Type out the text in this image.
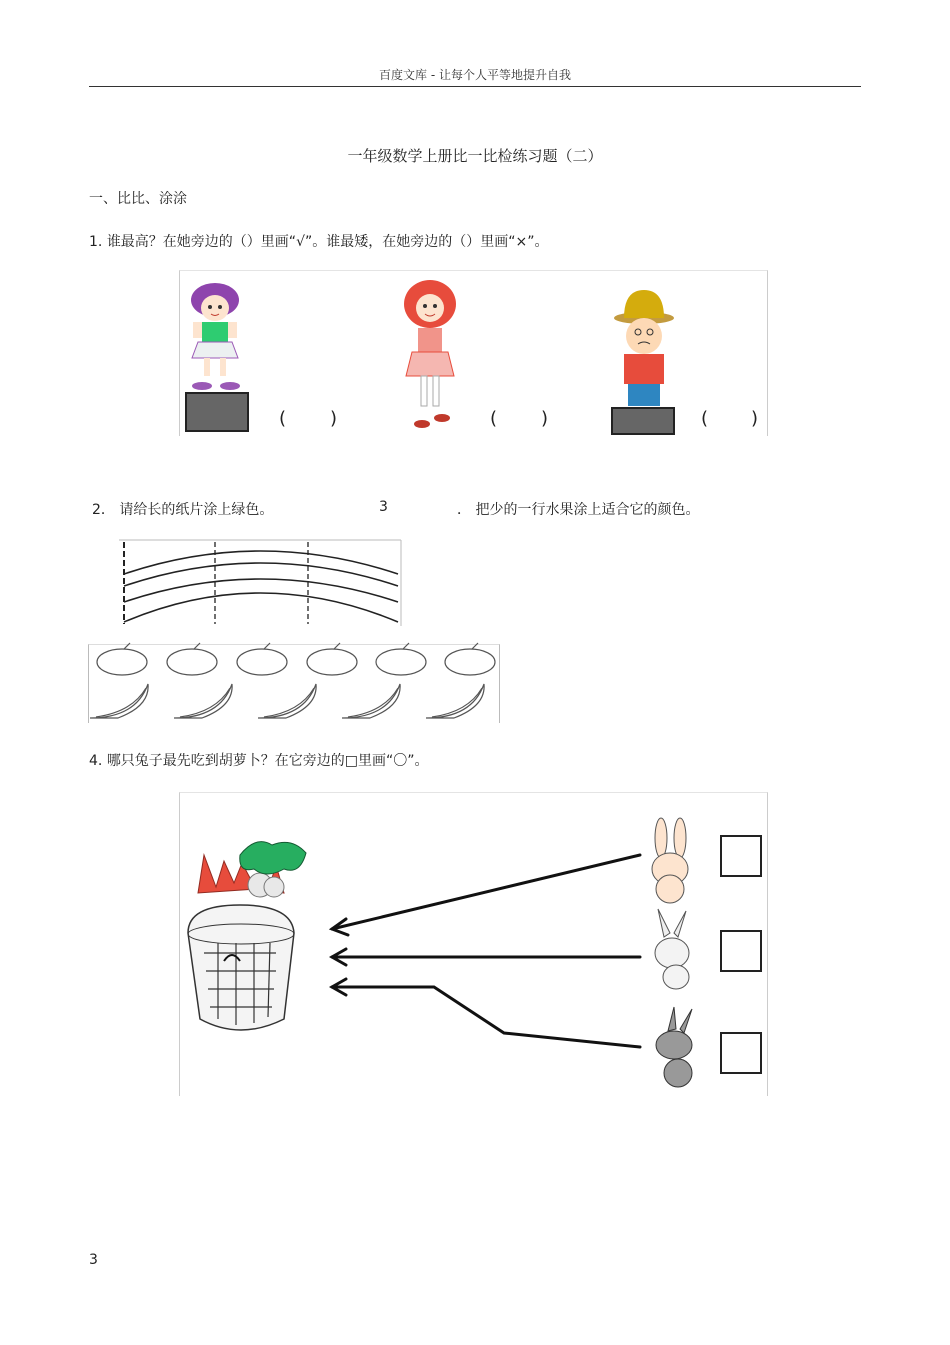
百度文库 - 让每个人平等地提升自我
一年级数学上册比一比检练习题（二）
一、比比、涂涂
1. 谁最高？在她旁边的（）里画“√”。谁最矮，在她旁边的（）里画“×”。
( )	( )	( )
2． 请给长的纸片涂上绿色。	3	． 把少的一行水果涂上适合它的颜色。
4. 哪只兔子最先吃到胡萝卜？在它旁边的□里画“〇”。
3
